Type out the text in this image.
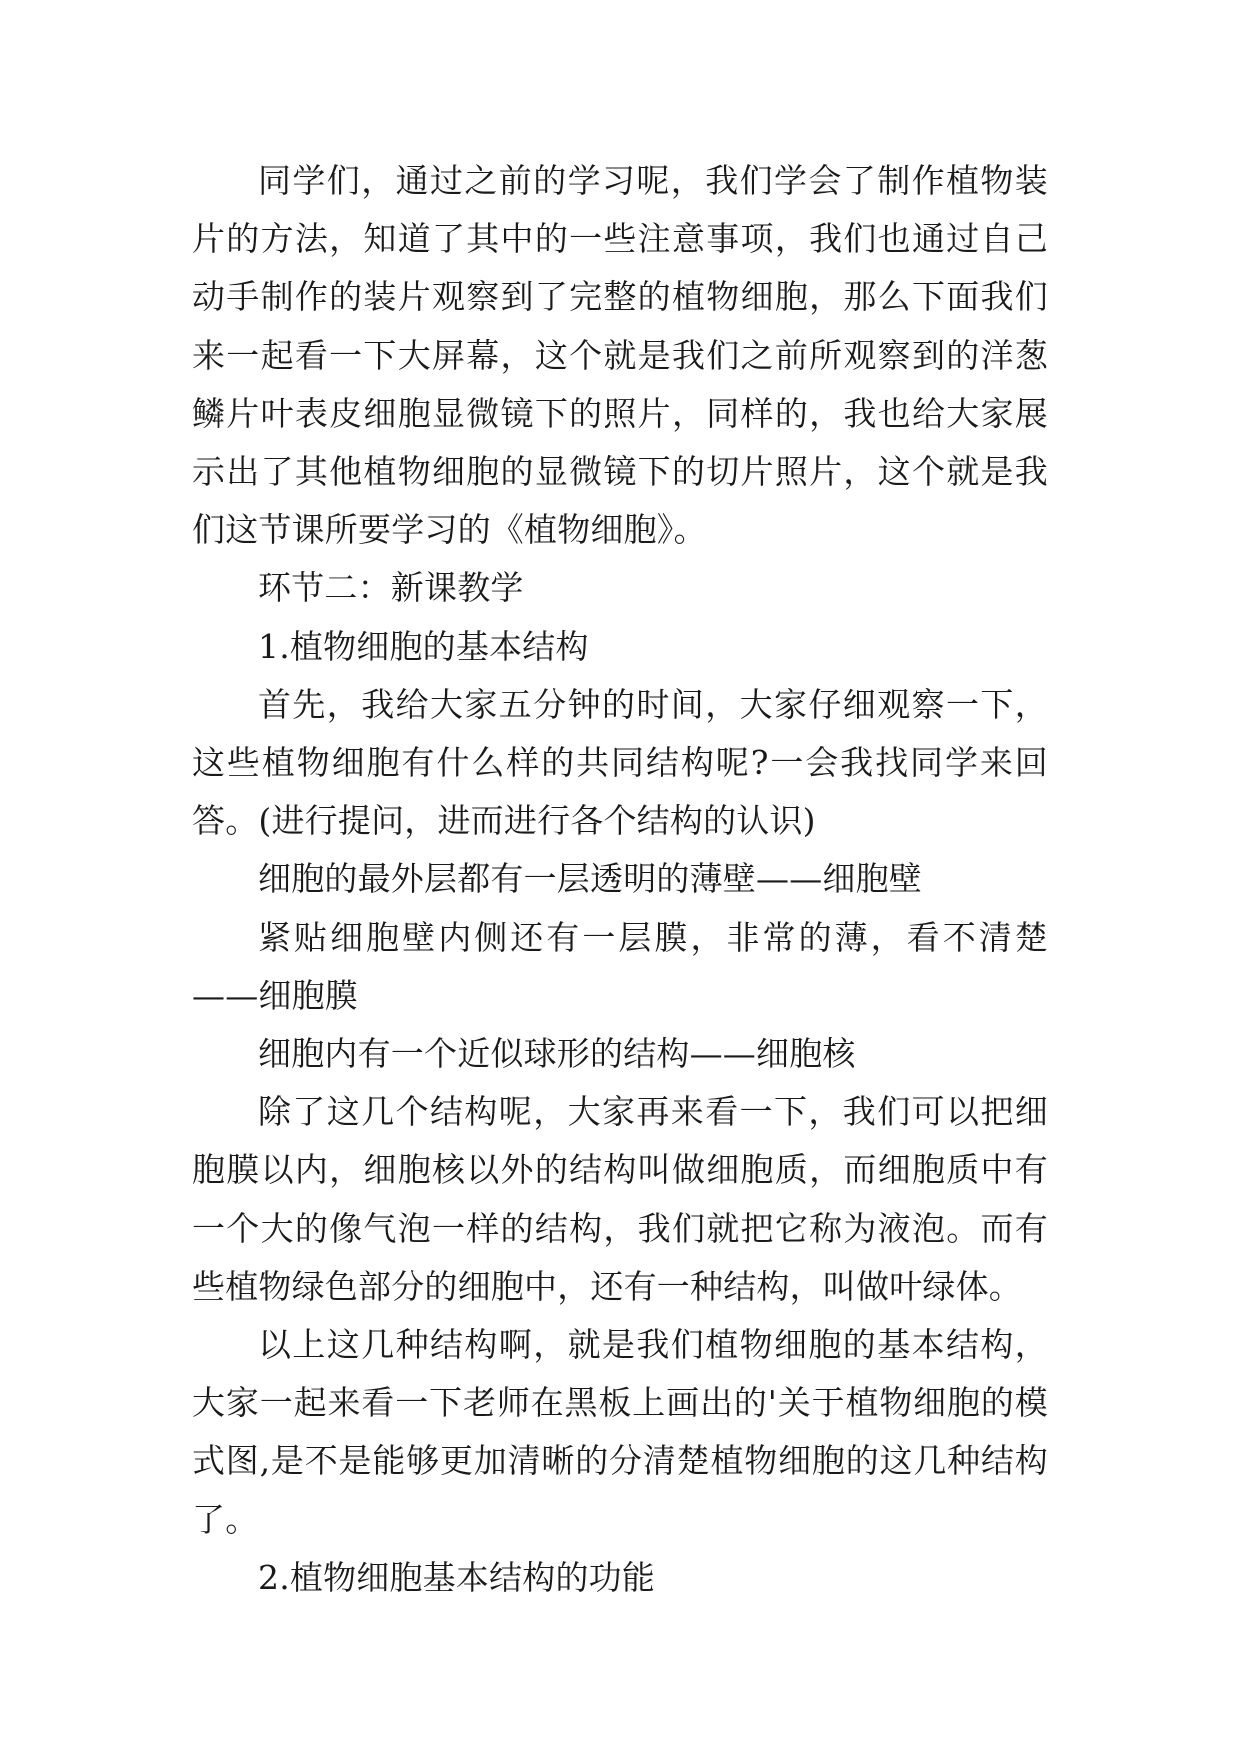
同学们，通过之前的学习呢，我们学会了制作植物装片的方法，知道了其中的一些注意事项，我们也通过自己动手制作的装片观察到了完整的植物细胞，那么下面我们来一起看一下大屏幕，这个就是我们之前所观察到的洋葱鳞片叶表皮细胞显微镜下的照片，同样的，我也给大家展示出了其他植物细胞的显微镜下的切片照片，这个就是我们这节课所要学习的《植物细胞》。

环节二：新课教学

1.植物细胞的基本结构

首先，我给大家五分钟的时间，大家仔细观察一下，这些植物细胞有什么样的共同结构呢?一会我找同学来回答。(进行提问，进而进行各个结构的认识)

细胞的最外层都有一层透明的薄壁——细胞壁

紧贴细胞壁内侧还有一层膜，非常的薄，看不清楚——细胞膜

细胞内有一个近似球形的结构——细胞核

除了这几个结构呢，大家再来看一下，我们可以把细胞膜以内，细胞核以外的结构叫做细胞质，而细胞质中有一个大的像气泡一样的结构，我们就把它称为液泡。而有些植物绿色部分的细胞中，还有一种结构，叫做叶绿体。

以上这几种结构啊，就是我们植物细胞的基本结构，大家一起来看一下老师在黑板上画出的'关于植物细胞的模式图,是不是能够更加清晰的分清楚植物细胞的这几种结构了。

2.植物细胞基本结构的功能
